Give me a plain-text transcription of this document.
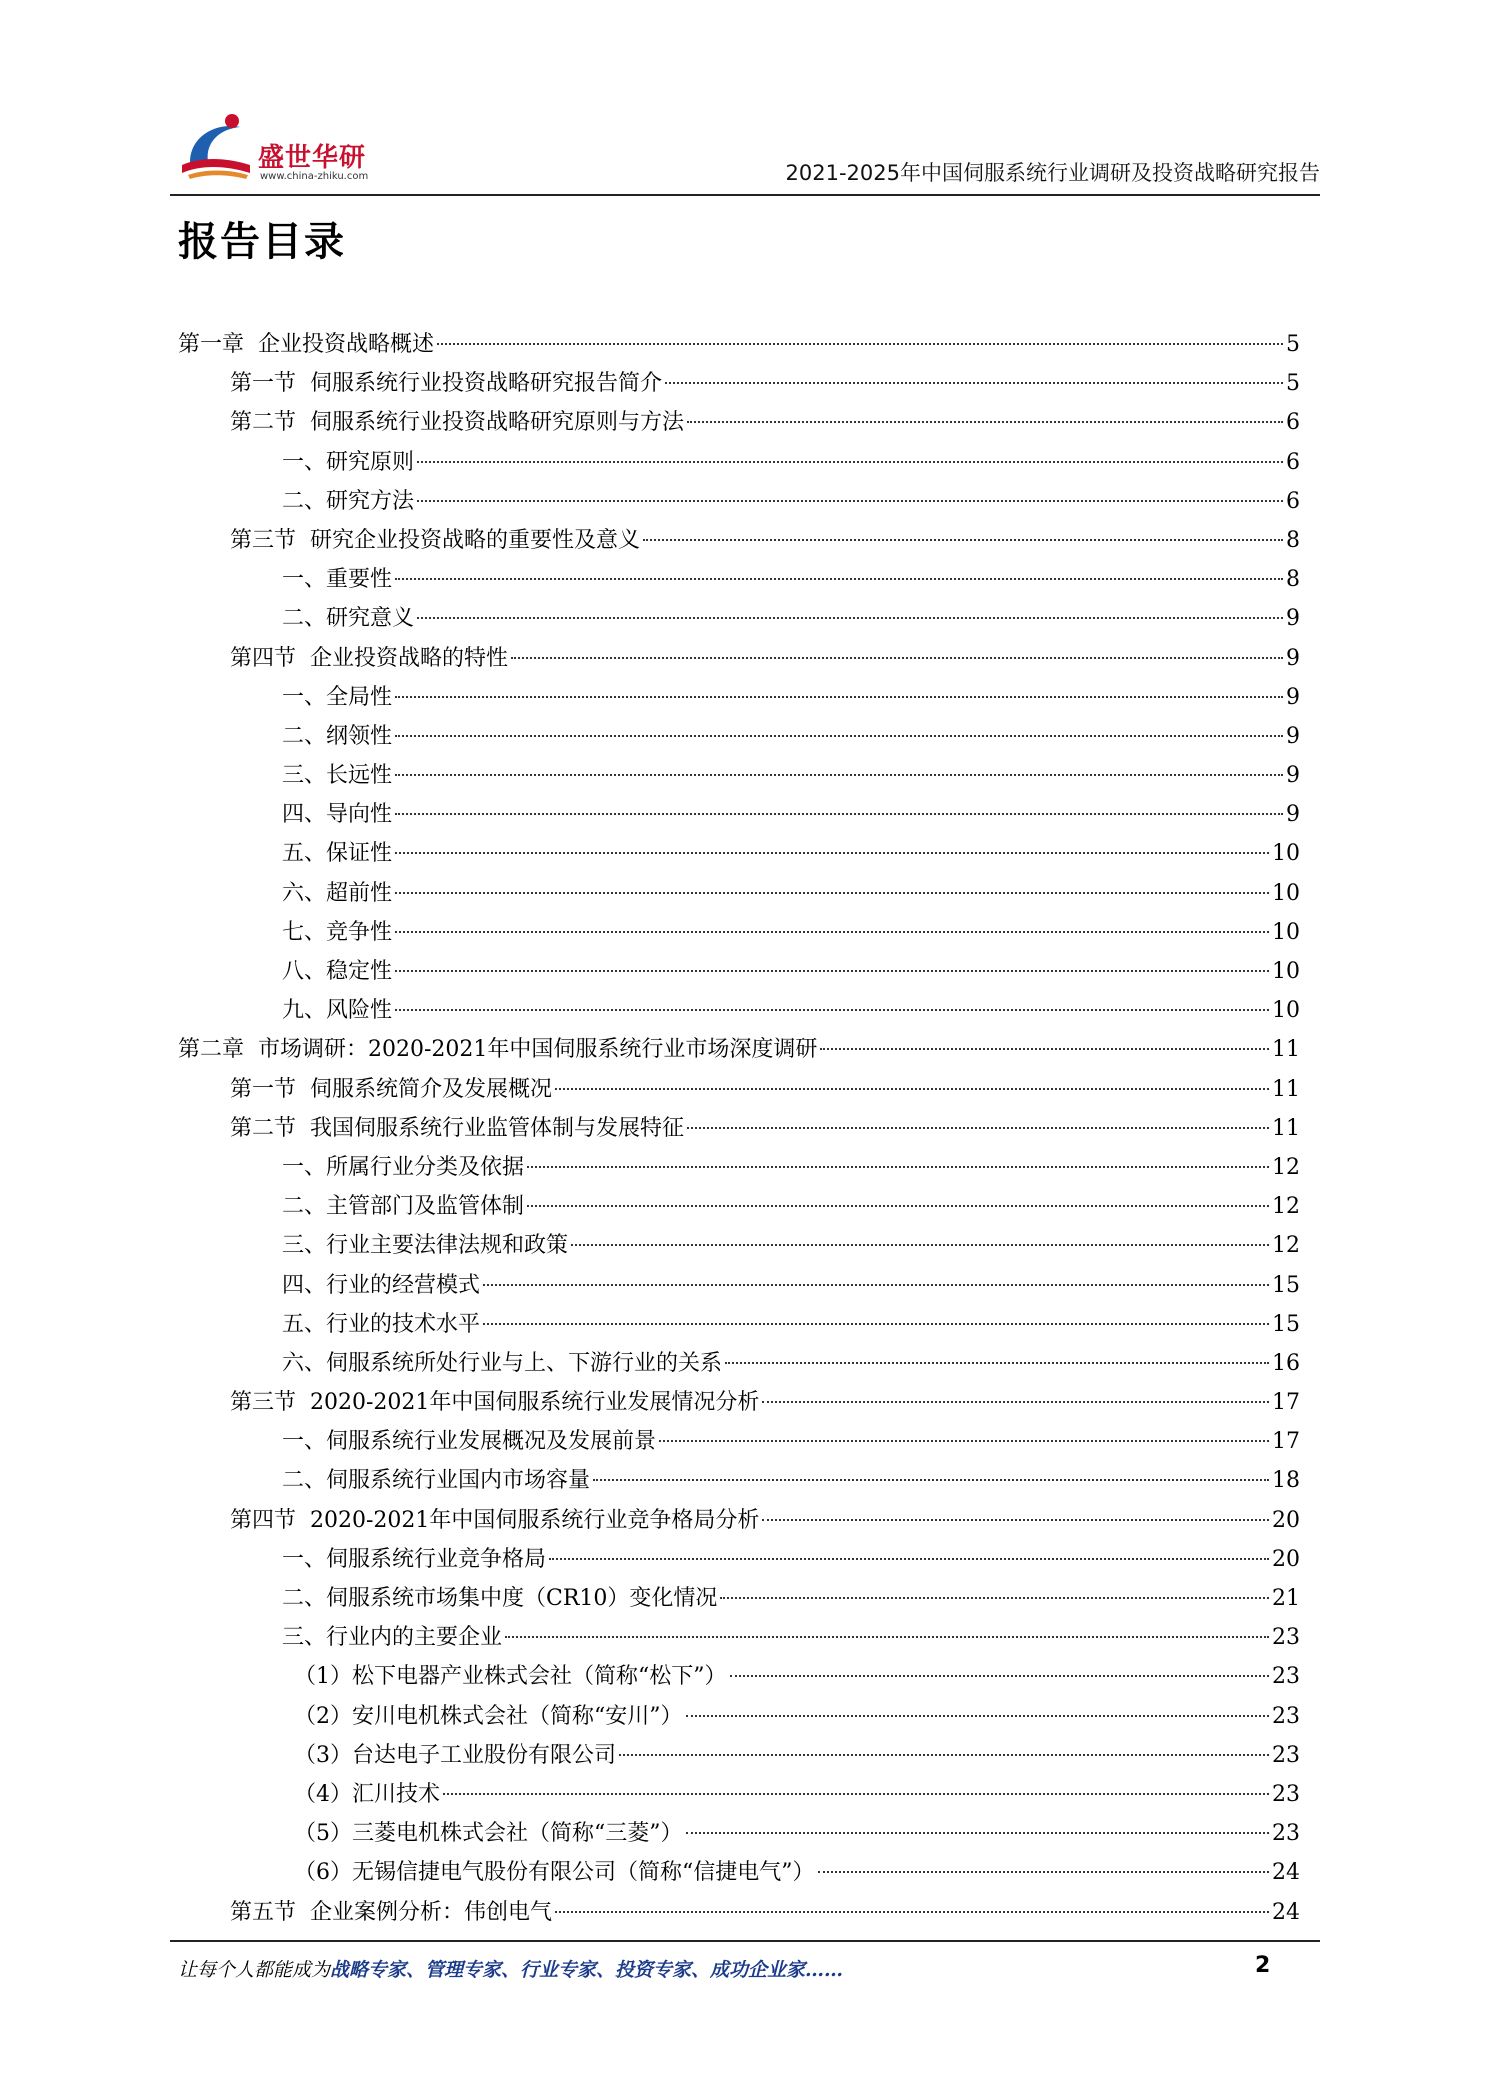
盛世华研
www.china-zhiku.com	2021-2025年中国伺服系统行业调研及投资战略研究报告
报告目录
第一章  企业投资战略概述	5
第一节  伺服系统行业投资战略研究报告简介	5
第二节  伺服系统行业投资战略研究原则与方法	6
一、研究原则	6
二、研究方法	6
第三节  研究企业投资战略的重要性及意义	8
一、重要性	8
二、研究意义	9
第四节  企业投资战略的特性	9
一、全局性	9
二、纲领性	9
三、长远性	9
四、导向性	9
五、保证性	10
六、超前性	10
七、竞争性	10
八、稳定性	10
九、风险性	10
第二章  市场调研：2020-2021年中国伺服系统行业市场深度调研	11
第一节  伺服系统简介及发展概况	11
第二节  我国伺服系统行业监管体制与发展特征	11
一、所属行业分类及依据	12
二、主管部门及监管体制	12
三、行业主要法律法规和政策	12
四、行业的经营模式	15
五、行业的技术水平	15
六、伺服系统所处行业与上、下游行业的关系	16
第三节  2020-2021年中国伺服系统行业发展情况分析	17
一、伺服系统行业发展概况及发展前景	17
二、伺服系统行业国内市场容量	18
第四节  2020-2021年中国伺服系统行业竞争格局分析	20
一、伺服系统行业竞争格局	20
二、伺服系统市场集中度（CR10）变化情况	21
三、行业内的主要企业	23
（1）松下电器产业株式会社（简称“松下”）	23
（2）安川电机株式会社（简称“安川”）	23
（3）台达电子工业股份有限公司	23
（4）汇川技术	23
（5）三菱电机株式会社（简称“三菱”）	23
（6）无锡信捷电气股份有限公司（简称“信捷电气”）	24
第五节  企业案例分析：伟创电气	24
让每个人都能成为战略专家、管理专家、行业专家、投资专家、成功企业家……	2
